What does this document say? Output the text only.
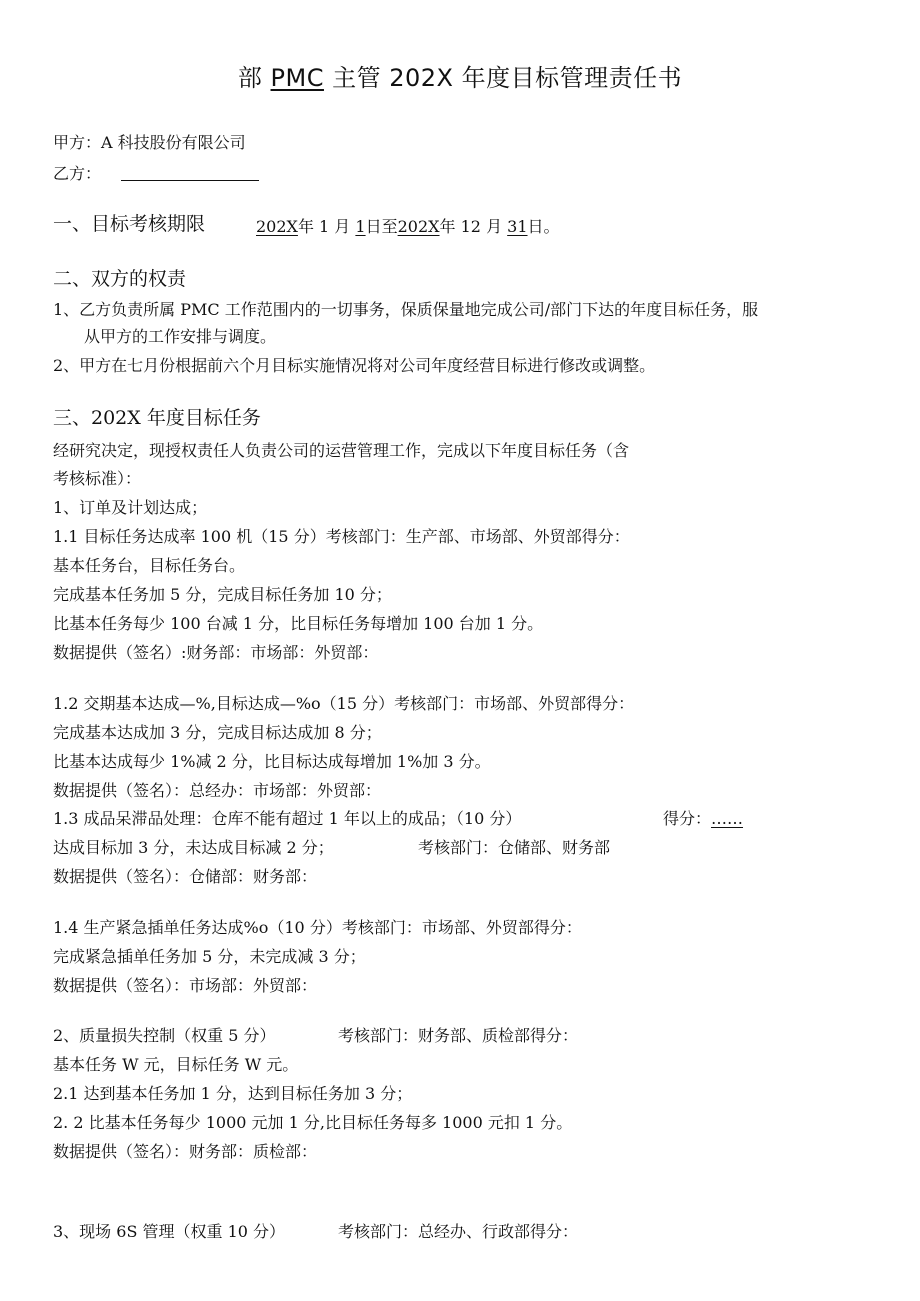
部 PMC 主管 202X 年度目标管理责任书
甲方：A 科技股份有限公司
乙方：
一、目标考核期限	202X年 1 月 1日至202X年 12 月 31日。
二、双方的权责
1、乙方负责所属 PMC 工作范围内的一切事务，保质保量地完成公司/部门下达的年度目标任务，服
从甲方的工作安排与调度。
2、甲方在七月份根据前六个月目标实施情况将对公司年度经营目标进行修改或调整。
三、202X 年度目标任务
经研究决定，现授权责任人负责公司的运营管理工作，完成以下年度目标任务（含
考核标准）：
1、订单及计划达成；
1.1 目标任务达成率 100 机（15 分）考核部门：生产部、市场部、外贸部得分：
基本任务台，目标任务台。
完成基本任务加 5 分，完成目标任务加 10 分；
比基本任务每少 100 台减 1 分，比目标任务每增加 100 台加 1 分。
数据提供（签名）:财务部：市场部：外贸部：
1.2 交期基本达成—%,目标达成—%o（15 分）考核部门：市场部、外贸部得分：
完成基本达成加 3 分，完成目标达成加 8 分；
比基本达成每少 1%减 2 分，比目标达成每增加 1%加 3 分。
数据提供（签名）：总经办：市场部：外贸部：
1.3 成品呆滞品处理：仓库不能有超过 1 年以上的成品；（10 分）	得分：……
达成目标加 3 分，未达成目标减 2 分；	考核部门：仓储部、财务部
数据提供（签名）：仓储部：财务部：
1.4 生产紧急插单任务达成%o（10 分）考核部门：市场部、外贸部得分：
完成紧急插单任务加 5 分，未完成减 3 分；
数据提供（签名）：市场部：外贸部：
2、质量损失控制（权重 5 分）	考核部门：财务部、质检部得分：
基本任务 W 元，目标任务 W 元。
2.1 达到基本任务加 1 分，达到目标任务加 3 分；
2. 2 比基本任务每少 1000 元加 1 分,比目标任务每多 1000 元扣 1 分。
数据提供（签名）：财务部：质检部：
3、现场 6S 管理（权重 10 分）	考核部门：总经办、行政部得分：
